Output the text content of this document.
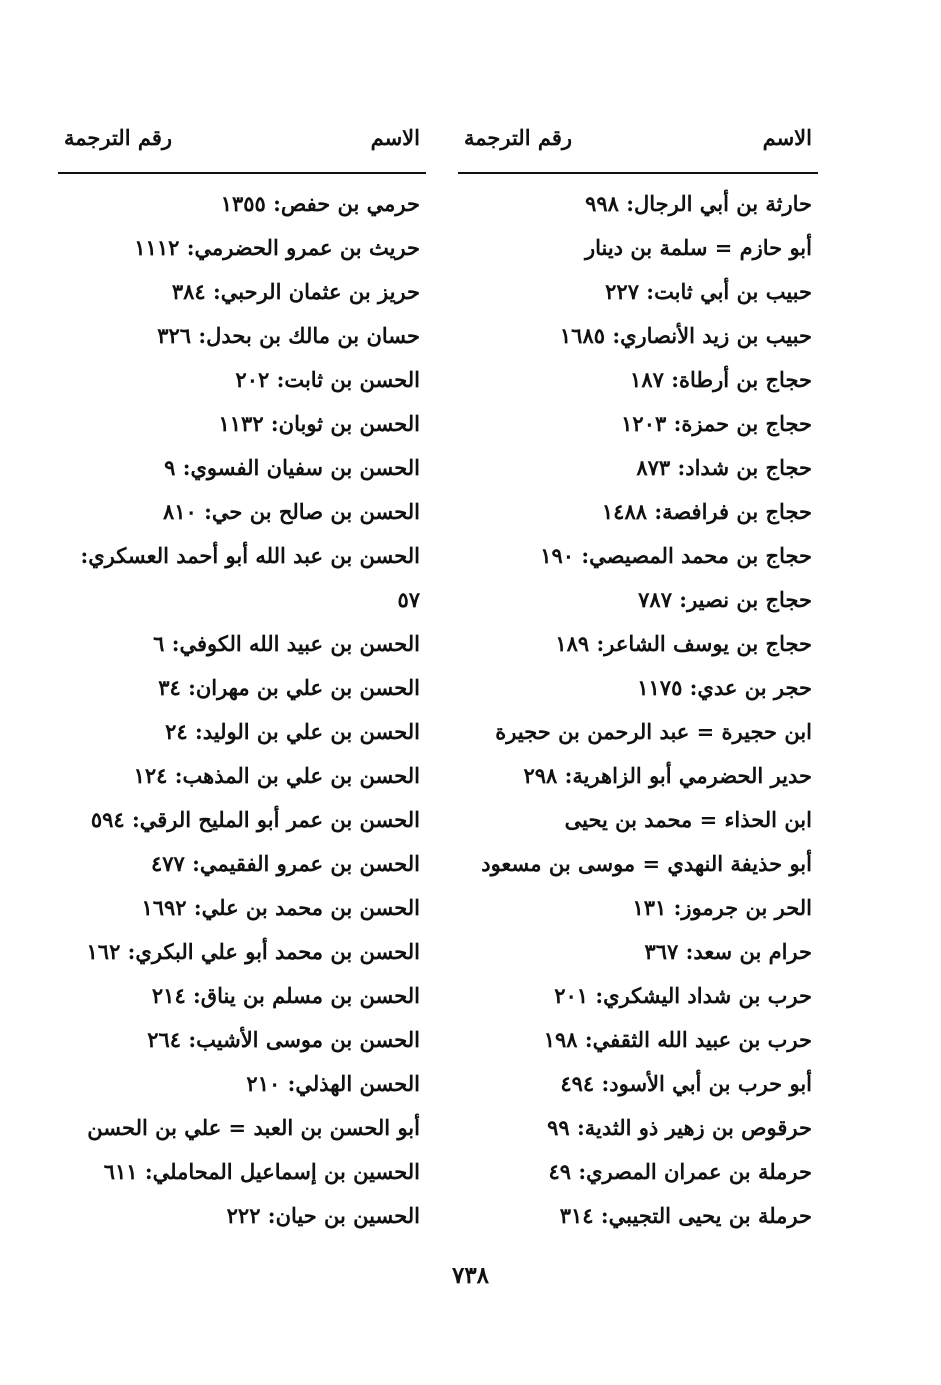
الاسم
رقم الترجمة
حارثة بن أبي الرجال: ٩٩٨
أبو حازم = سلمة بن دينار
حبيب بن أبي ثابت: ٢٢٧
حبيب بن زيد الأنصاري: ١٦٨٥
حجاج بن أرطاة: ١٨٧
حجاج بن حمزة: ١٢٠٣
حجاج بن شداد: ٨٧٣
حجاج بن فرافصة: ١٤٨٨
حجاج بن محمد المصيصي: ١٩٠
حجاج بن نصير: ٧٨٧
حجاج بن يوسف الشاعر: ١٨٩
حجر بن عدي: ١١٧٥
ابن حجيرة = عبد الرحمن بن حجيرة
حدير الحضرمي أبو الزاهرية: ٢٩٨
ابن الحذاء = محمد بن يحيى
أبو حذيفة النهدي = موسى بن مسعود
الحر بن جرموز: ١٣١
حرام بن سعد: ٣٦٧
حرب بن شداد اليشكري: ٢٠١
حرب بن عبيد الله الثقفي: ١٩٨
أبو حرب بن أبي الأسود: ٤٩٤
حرقوص بن زهير ذو الثدية: ٩٩
حرملة بن عمران المصري: ٤٩
حرملة بن يحيى التجيبي: ٣١٤
الاسم
رقم الترجمة
حرمي بن حفص: ١٣٥٥
حريث بن عمرو الحضرمي: ١١١٢
حريز بن عثمان الرحبي: ٣٨٤
حسان بن مالك بن بحدل: ٣٢٦
الحسن بن ثابت: ٢٠٢
الحسن بن ثوبان: ١١٣٢
الحسن بن سفيان الفسوي: ٩
الحسن بن صالح بن حي: ٨١٠
الحسن بن عبد الله أبو أحمد العسكري: ٥٧
الحسن بن عبيد الله الكوفي: ٦
الحسن بن علي بن مهران: ٣٤
الحسن بن علي بن الوليد: ٢٤
الحسن بن علي بن المذهب: ١٢٤
الحسن بن عمر أبو المليح الرقي: ٥٩٤
الحسن بن عمرو الفقيمي: ٤٧٧
الحسن بن محمد بن علي: ١٦٩٢
الحسن بن محمد أبو علي البكري: ١٦٢
الحسن بن مسلم بن يناق: ٢١٤
الحسن بن موسى الأشيب: ٢٦٤
الحسن الهذلي: ٢١٠
أبو الحسن بن العبد = علي بن الحسن
الحسين بن إسماعيل المحاملي: ٦١١
الحسين بن حيان: ٢٢٢
٧٣٨
